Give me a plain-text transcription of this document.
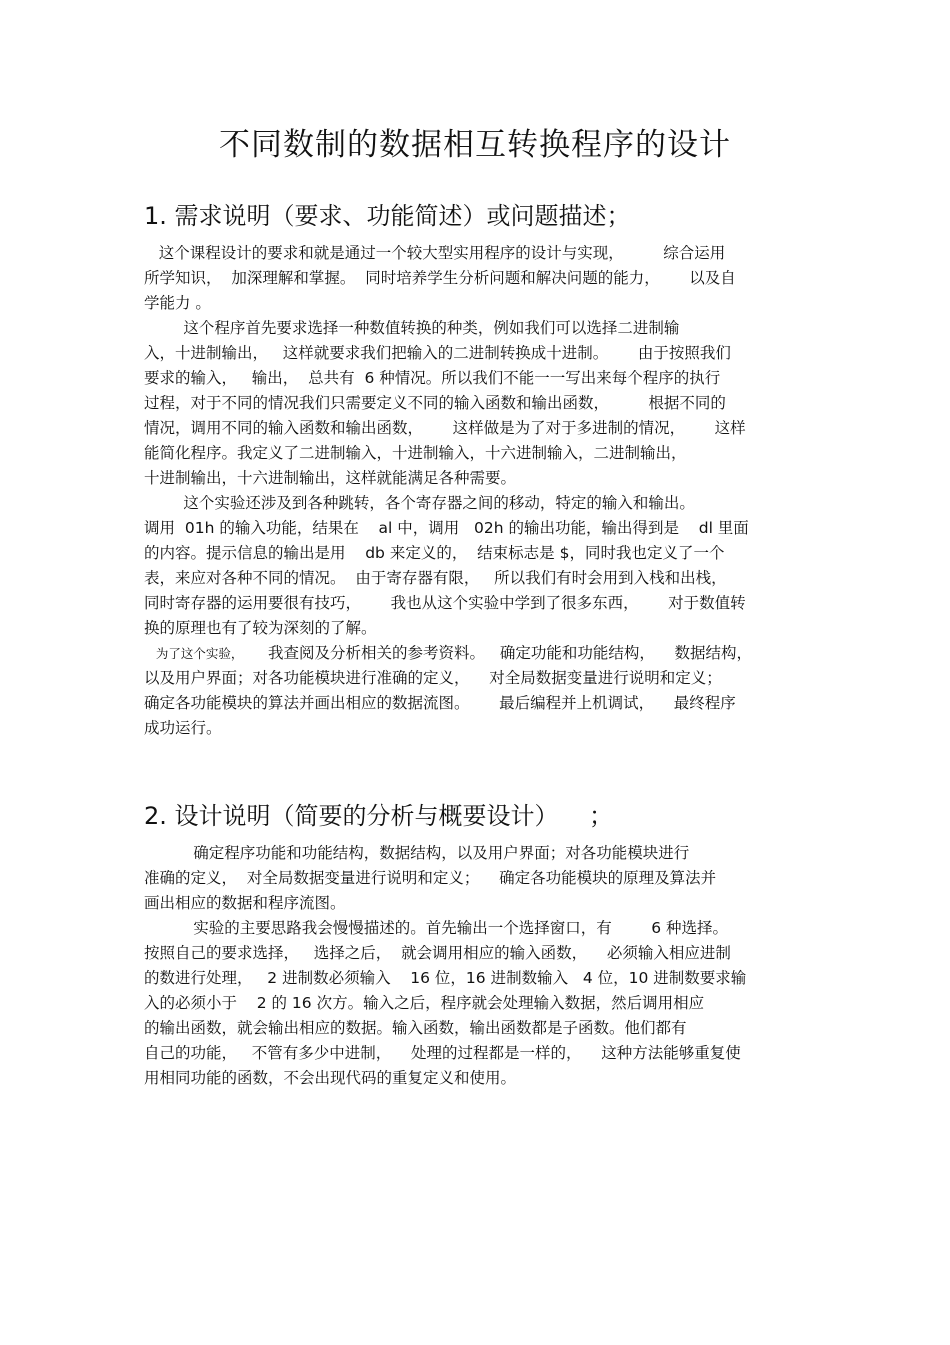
不同数制的数据相互转换程序的设计
1. 需求说明（要求、功能简述）或问题描述；
这个课程设计的要求和就是通过一个较大型实用程序的设计与实现，        综合运用
所学知识，  加深理解和掌握。  同时培养学生分析问题和解决问题的能力，      以及自
学能力 。
这个程序首先要求选择一种数值转换的种类，例如我们可以选择二进制输
入，十进制输出，   这样就要求我们把输入的二进制转换成十进制。      由于按照我们
要求的输入，   输出，  总共有  6 种情况。所以我们不能一一写出来每个程序的执行
过程，对于不同的情况我们只需要定义不同的输入函数和输出函数，        根据不同的
情况，调用不同的输入函数和输出函数，      这样做是为了对于多进制的情况，      这样
能简化程序。我定义了二进制输入，十进制输入，十六进制输入，二进制输出，
十进制输出，十六进制输出，这样就能满足各种需要。
这个实验还涉及到各种跳转，各个寄存器之间的移动，特定的输入和输出。
调用  01h 的输入功能，结果在    al 中，调用   02h 的输出功能，输出得到是    dl 里面
的内容。提示信息的输出是用    db 来定义的，  结束标志是 $，同时我也定义了一个
表，来应对各种不同的情况。  由于寄存器有限，   所以我们有时会用到入栈和出栈，
同时寄存器的运用要很有技巧，      我也从这个实验中学到了很多东西，      对于数值转
换的原理也有了较为深刻的了解。
为了这个实验，     我查阅及分析相关的参考资料。   确定功能和功能结构，    数据结构，
以及用户界面；对各功能模块进行准确的定义，    对全局数据变量进行说明和定义；
确定各功能模块的算法并画出相应的数据流图。      最后编程并上机调试，    最终程序
成功运行。
2. 设计说明（简要的分析与概要设计）    ；
确定程序功能和功能结构，数据结构，以及用户界面；对各功能模块进行
准确的定义，  对全局数据变量进行说明和定义；    确定各功能模块的原理及算法并
画出相应的数据和程序流图。
实验的主要思路我会慢慢描述的。首先输出一个选择窗口，有        6 种选择。
按照自己的要求选择，   选择之后，  就会调用相应的输入函数，    必须输入相应进制
的数进行处理，   2 进制数必须输入    16 位，16 进制数输入   4 位，10 进制数要求输
入的必须小于    2 的 16 次方。输入之后，程序就会处理输入数据，然后调用相应
的输出函数，就会输出相应的数据。输入函数，输出函数都是子函数。他们都有
自己的功能，   不管有多少中进制，    处理的过程都是一样的，    这种方法能够重复使
用相同功能的函数，不会出现代码的重复定义和使用。
